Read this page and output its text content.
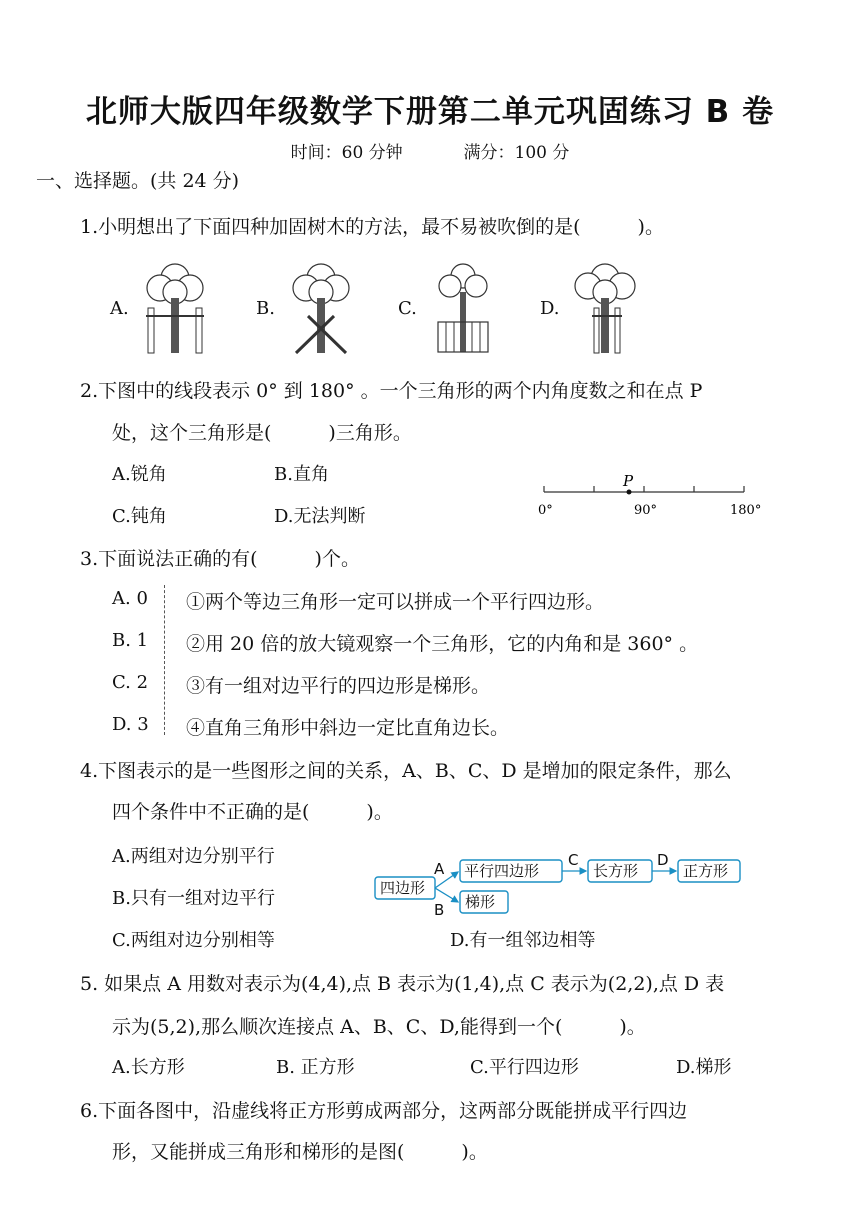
北师大版四年级数学下册第二单元巩固练习 B 卷
时间：60 分钟	满分：100 分
一、选择题。(共 24 分)
1.小明想出了下面四种加固树木的方法，最不易被吹倒的是(　　　)。
A.	B.	C.	D.
2.下图中的线段表示 0° 到 180° 。一个三角形的两个内角度数之和在点 P
处，这个三角形是(　　　)三角形。
A.锐角	B.直角
C.钝角	D.无法判断
P
0°	90°	180°
3.下面说法正确的有(　　　)个。
A. 0
B. 1
C. 2
D. 3
①两个等边三角形一定可以拼成一个平行四边形。
②用 20 倍的放大镜观察一个三角形，它的内角和是 360° 。
③有一组对边平行的四边形是梯形。
④直角三角形中斜边一定比直角边长。
4.下图表示的是一些图形之间的关系，A、B、C、D 是增加的限定条件，那么
四个条件中不正确的是(　　　)。
A.两组对边分别平行
B.只有一组对边平行
C.两组对边分别相等	D.有一组邻边相等
四边形
A
B
平行四边形
梯形
C
长方形
D
正方形
5. 如果点 A 用数对表示为(4,4),点 B 表示为(1,4),点 C 表示为(2,2),点 D 表
示为(5,2),那么顺次连接点 A、B、C、D,能得到一个(　　　)。
A.长方形	B. 正方形	C.平行四边形	D.梯形
6.下面各图中，沿虚线将正方形剪成两部分，这两部分既能拼成平行四边
形，又能拼成三角形和梯形的是图(　　　)。
